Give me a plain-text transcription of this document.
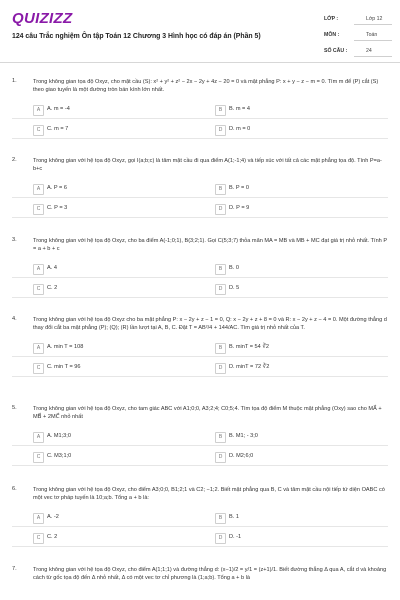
QUIZIZZ
124 câu Trắc nghiệm Ôn tập Toán 12 Chương 3 Hình học có đáp án (Phần 5)
LỚP :	Lớp 12
MÔN :	Toán
SỐ CÂU :	24
1.	Trong không gian tọa độ Oxyz, cho mặt cầu (S): x² + y² + z² − 2x − 2y + 4z − 20 = 0 và mặt phẳng P: x + y − z − m = 0. Tìm m để (P) cắt (S) theo giao tuyến là một đường tròn bán kính lớn nhất.
A	A. m = -4	B	B. m = 4
C	C. m = 7	D	D. m = 0
2.	Trong không gian với hệ tọa độ Oxyz, gọi I(a;b;c) là tâm mặt cầu đi qua điểm A(1;-1;4) và tiếp xúc với tất cả các mặt phẳng tọa độ. Tính P=a-b+c
A	A. P = 6	B	B. P = 0
C	C. P = 3	D	D. P = 9
3.	Trong không gian với hệ tọa độ Oxyz, cho ba điểm A(-1;0;1), B(3;2;1). Gọi C(5;3;7) thỏa mãn MA = MB và MB + MC đạt giá trị nhỏ nhất. Tính P = a + b + c
A	A. 4	B	B. 0
C	C. 2	D	D. 5
4.	Trong không gian với hệ tọa độ Oxyz cho ba mặt phẳng P: x − 2y + z − 1 = 0, Q: x − 2y + z + 8 = 0 và R: x − 2y + z − 4 = 0. Một đường thẳng d thay đổi cắt ba mặt phẳng (P); (Q); (R) lần lượt tại A, B, C. Đặt T = AB²/4 + 144/AC. Tìm giá trị nhỏ nhất của T.
A	A. min T = 108	B	B. minT = 54 ∛2
C	C. min T = 96	D	D. minT = 72 ∛2
5.	Trong không gian với hệ tọa độ Oxyz, cho tam giác ABC với A1;0;0, A3;2;4; C0;5;4. Tìm tọa độ điểm M thuộc mặt phẳng (Oxy) sao cho MA⃗ + MB⃗ + 2MC⃗ nhỏ nhất
A	A. M1;3;0	B	B. M1; - 3;0
C	C. M3;1;0	D	D. M2;6;0
6.	Trong không gian với hệ tọa độ Oxyz, cho điểm A3;0;0, B1;2;1 và C2; −1;2. Biết mặt phẳng qua B, C và tâm mặt cầu nội tiếp tứ diện OABC có một vec tơ pháp tuyến là 10;a;b. Tổng a + b là:
A	A. -2	B	B. 1
C	C. 2	D	D. -1
7.	Trong không gian với hệ tọa độ Oxyz, cho điểm A(1;1;1) và đường thẳng d: (x−1)/2 = y/1 = (z+1)/1. Biết đường thẳng Δ qua A, cắt d và khoảng cách từ gốc tọa độ đến Δ nhỏ nhất, Δ có một vec tơ chỉ phương là (1;a;b). Tổng a + b là
